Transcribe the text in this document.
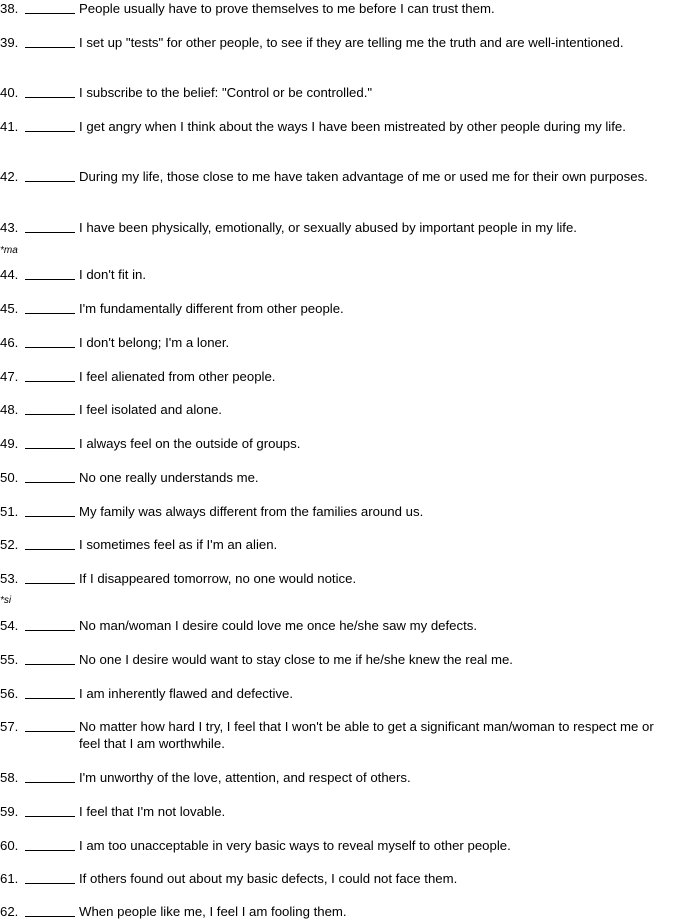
38.	People usually have to prove themselves to me before I can trust them.
39.	I set up "tests" for other people, to see if they are telling me the truth and are well-intentioned.
40.	I subscribe to the belief: "Control or be controlled."
41.	I get angry when I think about the ways I have been mistreated by other people during my life.
42.	During my life, those close to me have taken advantage of me or used me for their own purposes.
43.	I have been physically, emotionally, or sexually abused by important people in my life.
*ma
44.	I don't fit in.
45.	I'm fundamentally different from other people.
46.	I don't belong; I'm a loner.
47.	I feel alienated from other people.
48.	I feel isolated and alone.
49.	I always feel on the outside of groups.
50.	No one really understands me.
51.	My family was always different from the families around us.
52.	I sometimes feel as if I'm an alien.
53.	If I disappeared tomorrow, no one would notice.
*si
54.	No man/woman I desire could love me once he/she saw my defects.
55.	No one I desire would want to stay close to me if he/she knew the real me.
56.	I am inherently flawed and defective.
57.	No matter how hard I try, I feel that I won't be able to get a significant man/woman to respect me or feel that I am worthwhile.
58.	I'm unworthy of the love, attention, and respect of others.
59.	I feel that I'm not lovable.
60.	I am too unacceptable in very basic ways to reveal myself to other people.
61.	If others found out about my basic defects, I could not face them.
62.	When people like me, I feel I am fooling them.
